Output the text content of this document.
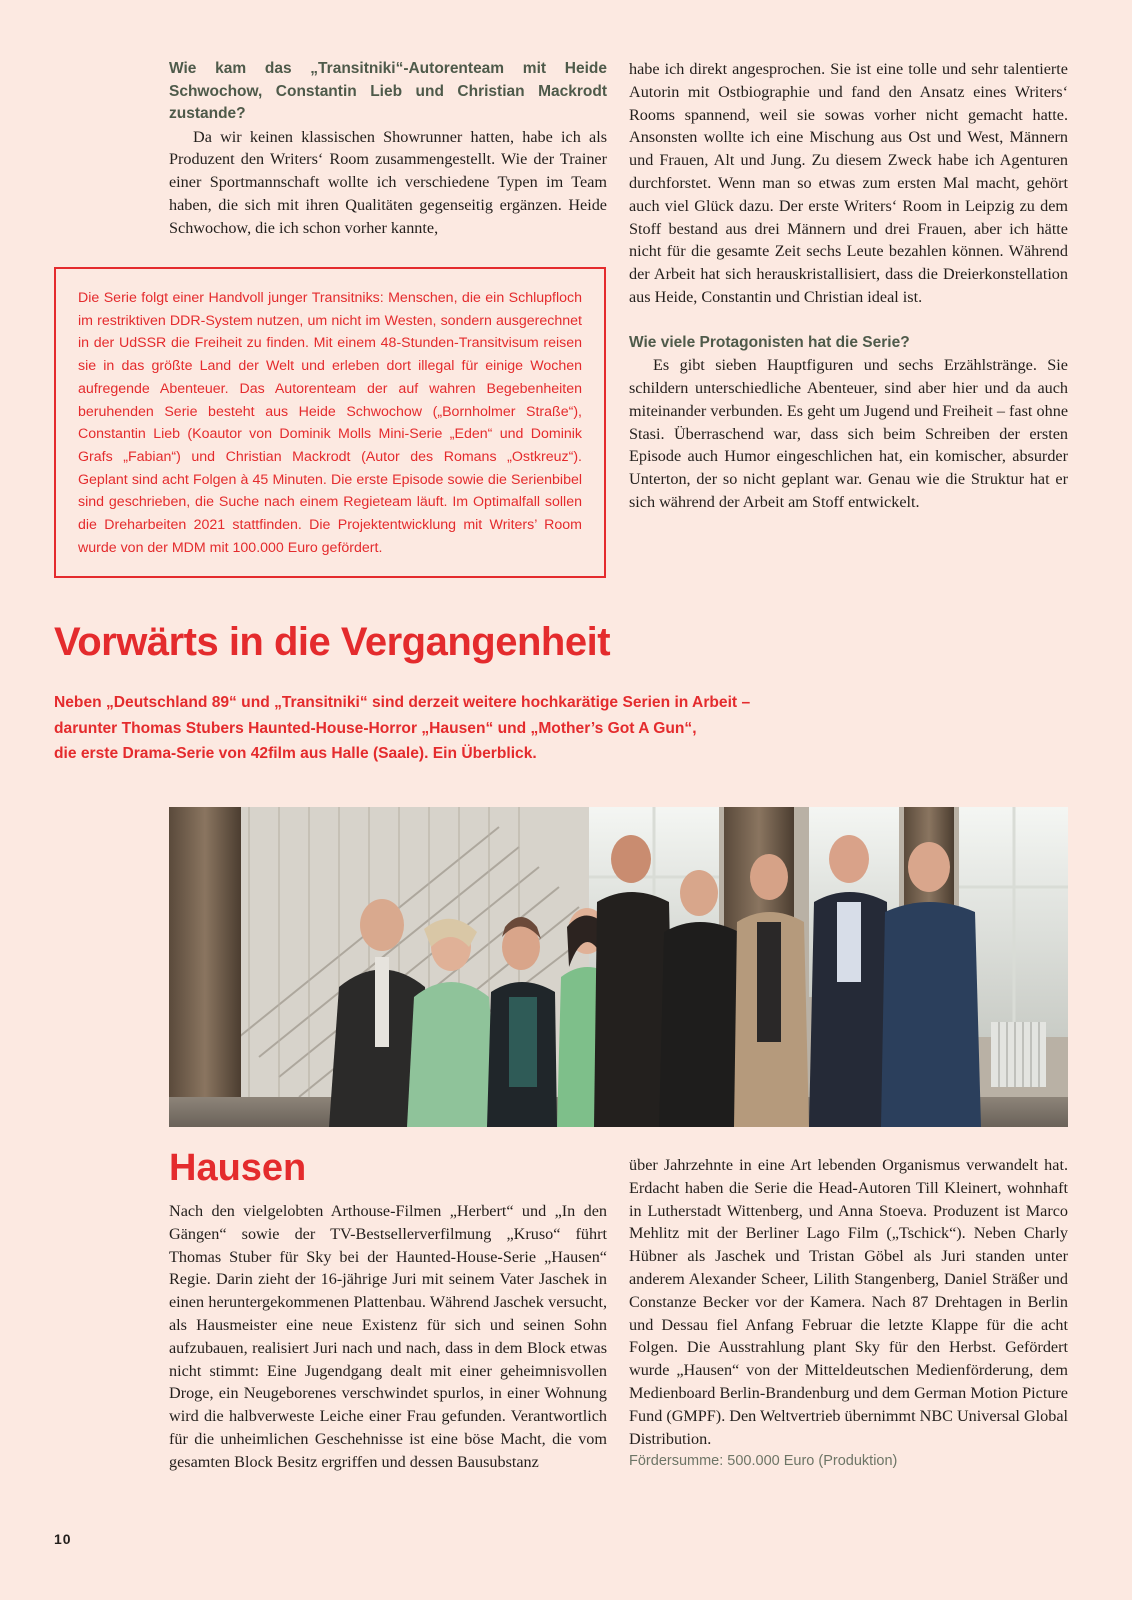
Wie kam das „Transitniki“-Autorenteam mit Heide Schwochow, Constantin Lieb und Christian Mackrodt zustande?

Da wir keinen klassischen Showrunner hatten, habe ich als Produzent den Writers‘ Room zusammengestellt. Wie der Trainer einer Sportmannschaft wollte ich verschiedene Typen im Team haben, die sich mit ihren Qualitäten gegenseitig ergänzen. Heide Schwochow, die ich schon vorher kannte,

habe ich direkt angesprochen. Sie ist eine tolle und sehr talentierte Autorin mit Ostbiographie und fand den Ansatz eines Writers‘ Rooms spannend, weil sie sowas vorher nicht gemacht hatte. Ansonsten wollte ich eine Mischung aus Ost und West, Männern und Frauen, Alt und Jung. Zu diesem Zweck habe ich Agenturen durchforstet. Wenn man so etwas zum ersten Mal macht, gehört auch viel Glück dazu. Der erste Writers‘ Room in Leipzig zu dem Stoff bestand aus drei Männern und drei Frauen, aber ich hätte nicht für die gesamte Zeit sechs Leute bezahlen können. Während der Arbeit hat sich herauskristallisiert, dass die Dreierkonstellation aus Heide, Constantin und Christian ideal ist.

Wie viele Protagonisten hat die Serie?

Es gibt sieben Hauptfiguren und sechs Erzählstränge. Sie schildern unterschiedliche Abenteuer, sind aber hier und da auch miteinander verbunden. Es geht um Jugend und Freiheit – fast ohne Stasi. Überraschend war, dass sich beim Schreiben der ersten Episode auch Humor eingeschlichen hat, ein komischer, absurder Unterton, der so nicht geplant war. Genau wie die Struktur hat er sich während der Arbeit am Stoff entwickelt.

Die Serie folgt einer Handvoll junger Transitniks: Menschen, die ein Schlupfloch im restriktiven DDR-System nutzen, um nicht im Westen, sondern ausgerechnet in der UdSSR die Freiheit zu finden. Mit einem 48-Stunden-Transitvisum reisen sie in das größte Land der Welt und erleben dort illegal für einige Wochen aufregende Abenteuer. Das Autorenteam der auf wahren Begebenheiten beruhenden Serie besteht aus Heide Schwochow („Bornholmer Straße“), Constantin Lieb (Koautor von Dominik Molls Mini-Serie „Eden“ und Dominik Grafs „Fabian“) und Christian Mackrodt (Autor des Romans „Ostkreuz“). Geplant sind acht Folgen à 45 Minuten. Die erste Episode sowie die Serienbibel sind geschrieben, die Suche nach einem Regieteam läuft. Im Optimalfall sollen die Dreharbeiten 2021 stattfinden. Die Projektentwicklung mit Writers’ Room wurde von der MDM mit 100.000 Euro gefördert.

Vorwärts in die Vergangenheit

Neben „Deutschland 89“ und „Transitniki“ sind derzeit weitere hochkarätige Serien in Arbeit –
darunter Thomas Stubers Haunted-House-Horror „Hausen“ und „Mother’s Got A Gun“,
die erste Drama-Serie von 42film aus Halle (Saale). Ein Überblick.

Hausen

Nach den vielgelobten Arthouse-Filmen „Herbert“ und „In den Gängen“ sowie der TV-Bestsellerverfilmung „Kruso“ führt Thomas Stuber für Sky bei der Haunted-House-Serie „Hausen“ Regie. Darin zieht der 16-jährige Juri mit seinem Vater Jaschek in einen heruntergekommenen Plattenbau. Während Jaschek versucht, als Hausmeister eine neue Existenz für sich und seinen Sohn aufzubauen, realisiert Juri nach und nach, dass in dem Block etwas nicht stimmt: Eine Jugendgang dealt mit einer geheimnisvollen Droge, ein Neugeborenes verschwindet spurlos, in einer Wohnung wird die halbverweste Leiche einer Frau gefunden. Verantwortlich für die unheimlichen Geschehnisse ist eine böse Macht, die vom gesamten Block Besitz ergriffen und dessen Bausubstanz

über Jahrzehnte in eine Art lebenden Organismus verwandelt hat. Erdacht haben die Serie die Head-Autoren Till Kleinert, wohnhaft in Lutherstadt Wittenberg, und Anna Stoeva. Produzent ist Marco Mehlitz mit der Berliner Lago Film („Tschick“). Neben Charly Hübner als Jaschek und Tristan Göbel als Juri standen unter anderem Alexander Scheer, Lilith Stangenberg, Daniel Sträßer und Constanze Becker vor der Kamera. Nach 87 Drehtagen in Berlin und Dessau fiel Anfang Februar die letzte Klappe für die acht Folgen. Die Ausstrahlung plant Sky für den Herbst. Gefördert wurde „Hausen“ von der Mitteldeutschen Medienförderung, dem Medienboard Berlin-Brandenburg und dem German Motion Picture Fund (GMPF). Den Weltvertrieb übernimmt NBC Universal Global Distribution.

Fördersumme: 500.000 Euro (Produktion)

10
